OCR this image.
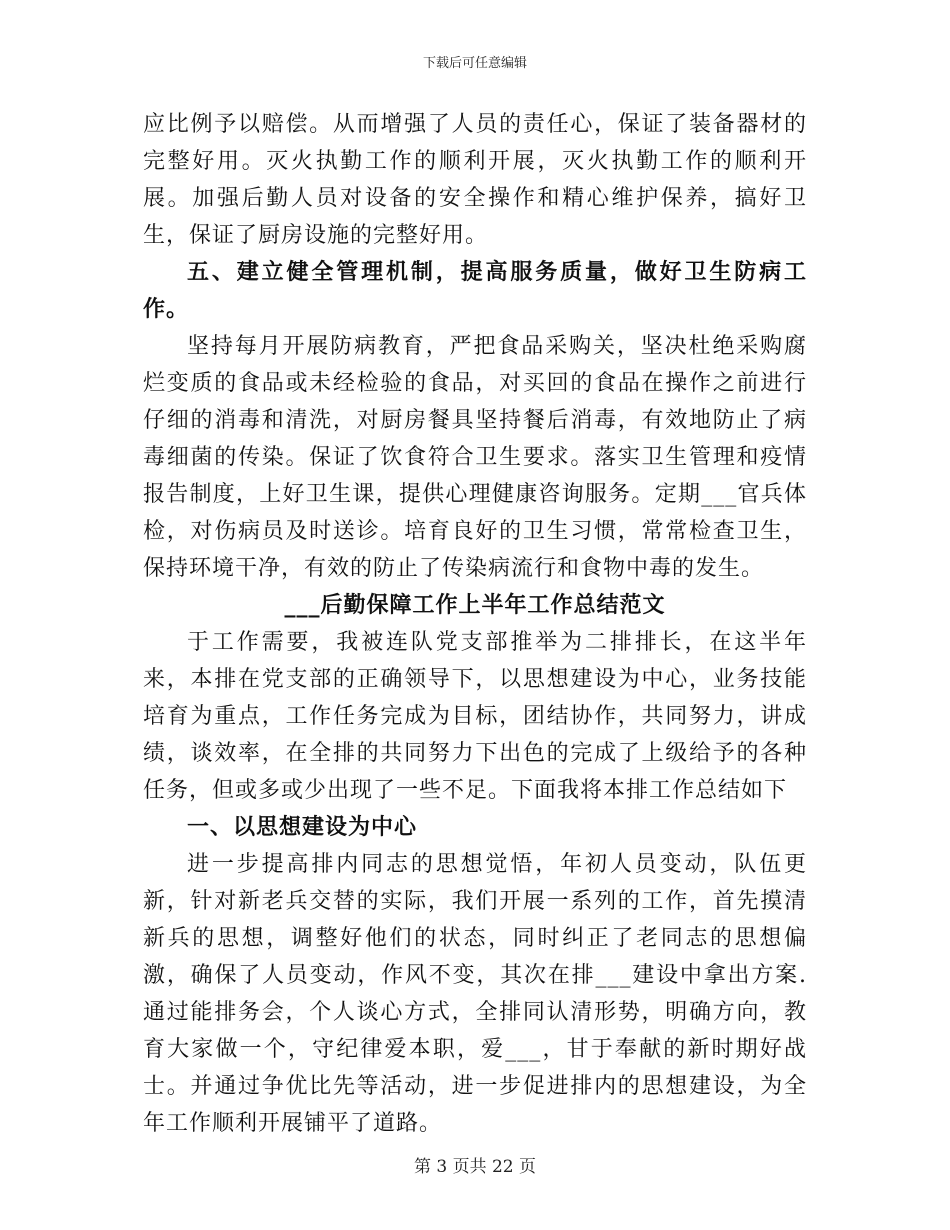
下载后可任意编辑

应比例予以赔偿。从而增强了人员的责任心，保证了装备器材的完整好用。灭火执勤工作的顺利开展，灭火执勤工作的顺利开展。加强后勤人员对设备的安全操作和精心维护保养，搞好卫生，保证了厨房设施的完整好用。

五、建立健全管理机制，提高服务质量，做好卫生防病工作。

坚持每月开展防病教育，严把食品采购关，坚决杜绝采购腐烂变质的食品或未经检验的食品，对买回的食品在操作之前进行仔细的消毒和清洗，对厨房餐具坚持餐后消毒，有效地防止了病毒细菌的传染。保证了饮食符合卫生要求。落实卫生管理和疫情报告制度，上好卫生课，提供心理健康咨询服务。定期___官兵体检，对伤病员及时送诊。培育良好的卫生习惯，常常检查卫生，保持环境干净，有效的防止了传染病流行和食物中毒的发生。

___后勤保障工作上半年工作总结范文

于工作需要，我被连队党支部推举为二排排长，在这半年来，本排在党支部的正确领导下，以思想建设为中心，业务技能培育为重点，工作任务完成为目标，团结协作，共同努力，讲成绩，谈效率，在全排的共同努力下出色的完成了上级给予的各种任务，但或多或少出现了一些不足。下面我将本排工作总结如下

一、以思想建设为中心

进一步提高排内同志的思想觉悟，年初人员变动，队伍更新，针对新老兵交替的实际，我们开展一系列的工作，首先摸清新兵的思想，调整好他们的状态，同时纠正了老同志的思想偏激，确保了人员变动，作风不变，其次在排___建设中拿出方案.通过能排务会，个人谈心方式，全排同认清形势，明确方向，教育大家做一个，守纪律爱本职，爱___，甘于奉献的新时期好战士。并通过争优比先等活动，进一步促进排内的思想建设，为全年工作顺利开展铺平了道路。

第 3 页共 22 页
